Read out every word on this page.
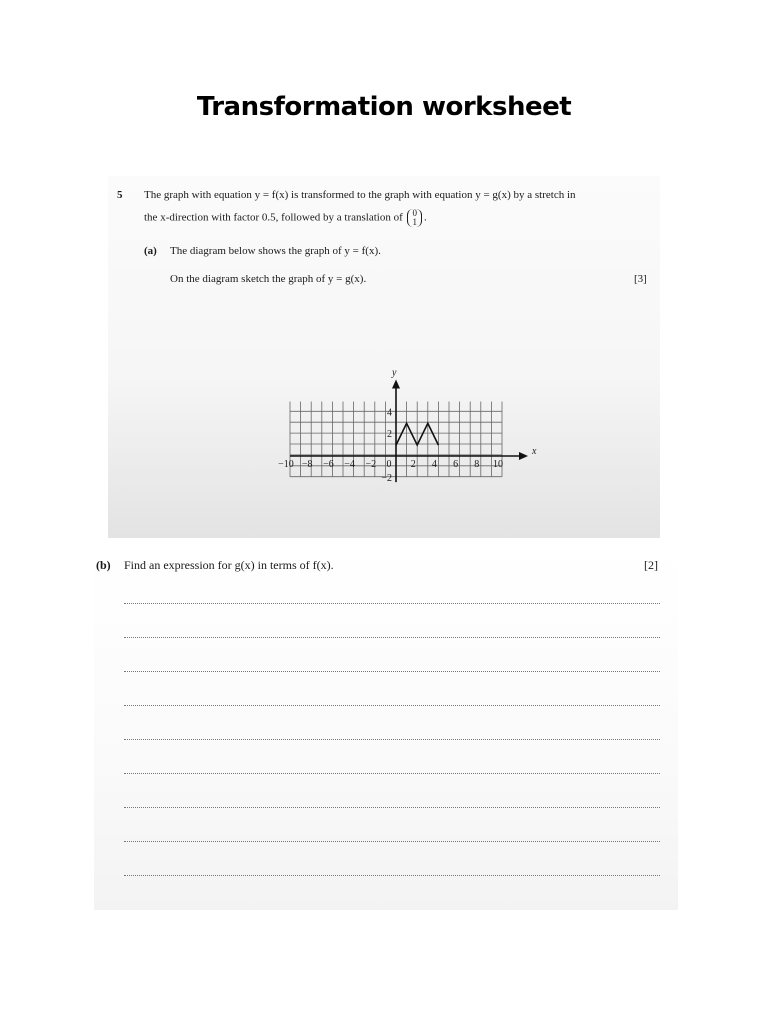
Transformation worksheet
5 The graph with equation y = f(x) is transformed to the graph with equation y = g(x) by a stretch in
the x-direction with factor 0.5, followed by a translation of 0
1 .
(a) The diagram below shows the graph of y = f(x).
On the diagram sketch the graph of y = g(x).	[3]
x
y
−10 −8 −6 −4 −2 0 2 4 6 8 10
4
2
−2
(b) Find an expression for g(x) in terms of f(x).	[2]
